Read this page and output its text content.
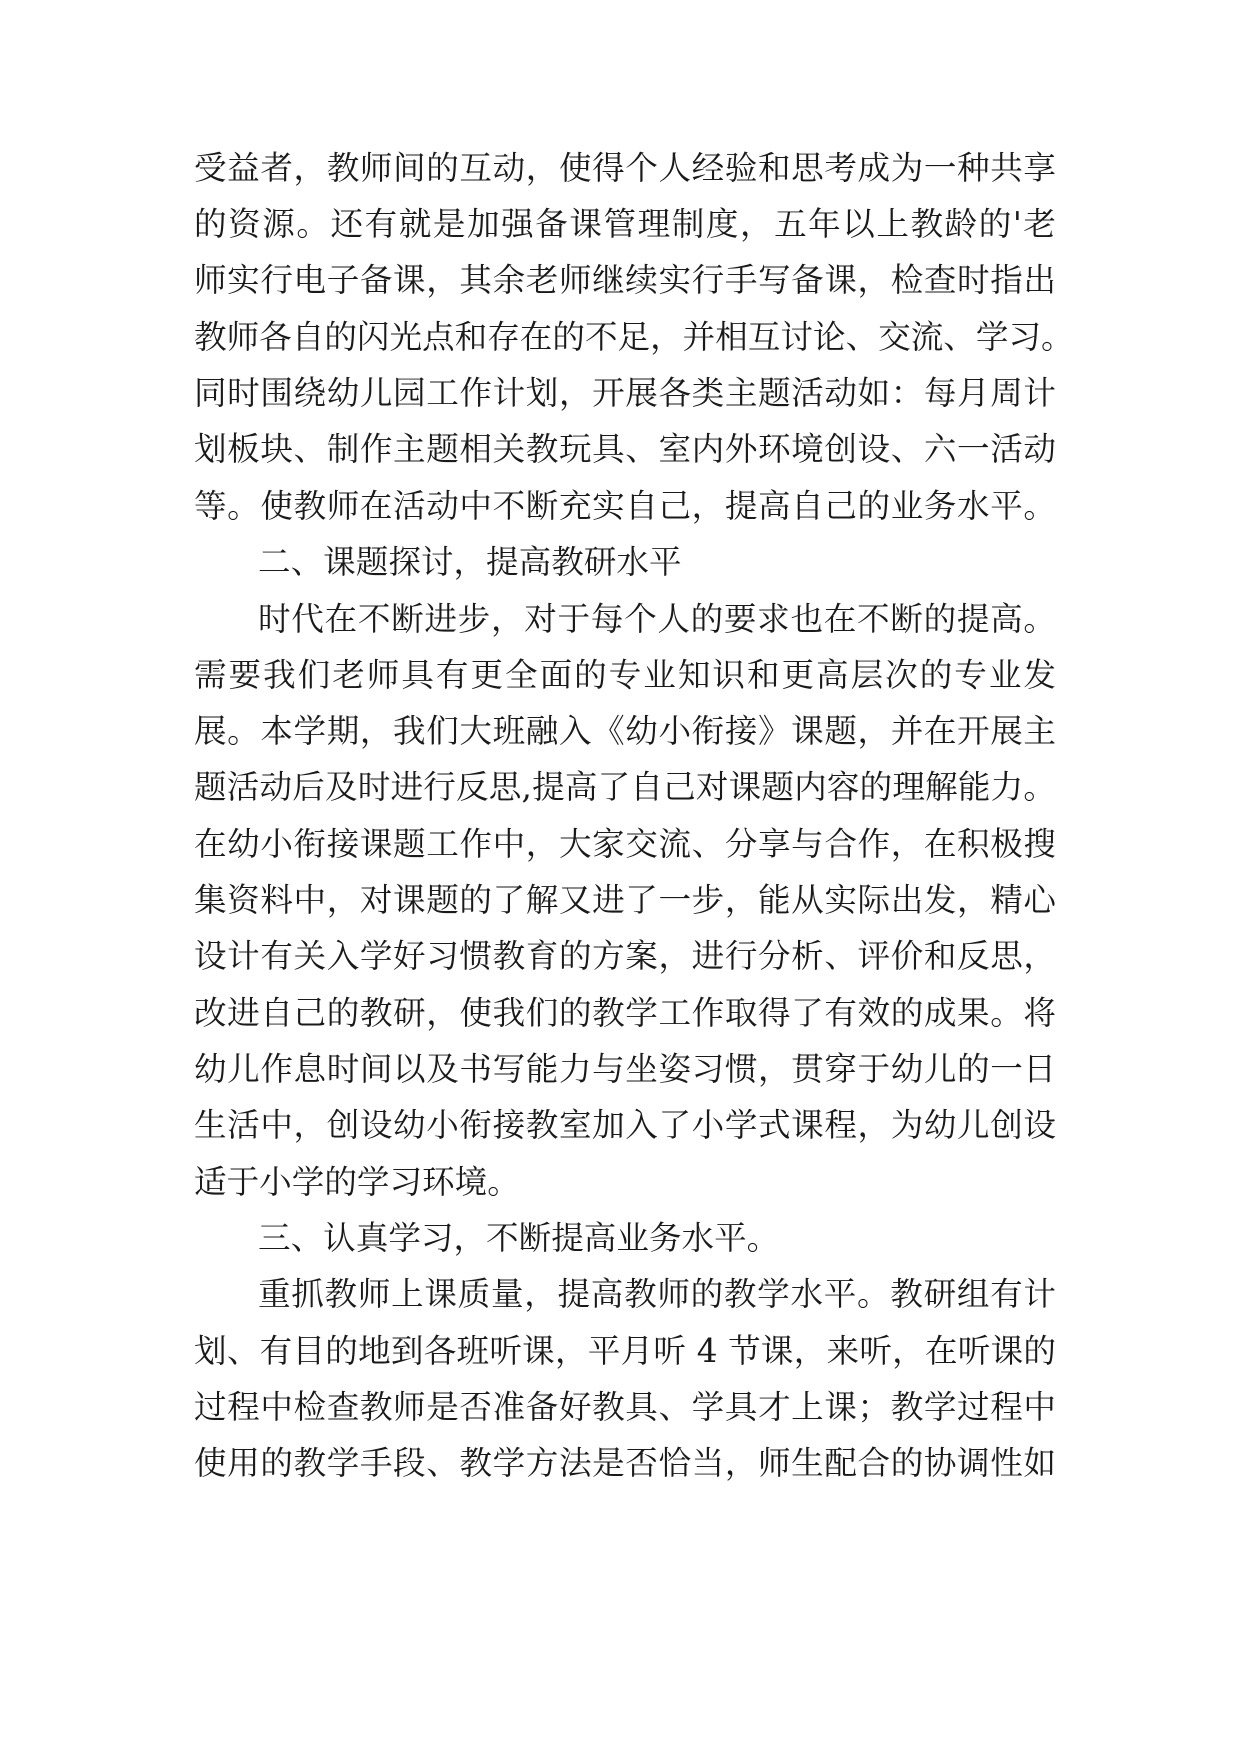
受益者，教师间的互动，使得个人经验和思考成为一种共享

的资源。还有就是加强备课管理制度，五年以上教龄的'老

师实行电子备课，其余老师继续实行手写备课，检查时指出

教师各自的闪光点和存在的不足，并相互讨论、交流、学习。

同时围绕幼儿园工作计划，开展各类主题活动如：每月周计

划板块、制作主题相关教玩具、室内外环境创设、六一活动

等。使教师在活动中不断充实自己，提高自己的业务水平。

二、课题探讨，提高教研水平

时代在不断进步，对于每个人的要求也在不断的提高。

需要我们老师具有更全面的专业知识和更高层次的专业发

展。本学期，我们大班融入《幼小衔接》课题，并在开展主

题活动后及时进行反思,提高了自己对课题内容的理解能力。

在幼小衔接课题工作中，大家交流、分享与合作，在积极搜

集资料中，对课题的了解又进了一步，能从实际出发，精心

设计有关入学好习惯教育的方案，进行分析、评价和反思，

改进自己的教研，使我们的教学工作取得了有效的成果。将

幼儿作息时间以及书写能力与坐姿习惯，贯穿于幼儿的一日

生活中，创设幼小衔接教室加入了小学式课程，为幼儿创设

适于小学的学习环境。

三、认真学习，不断提高业务水平。

重抓教师上课质量，提高教师的教学水平。教研组有计

划、有目的地到各班听课，平月听 4 节课，来听，在听课的

过程中检查教师是否准备好教具、学具才上课；教学过程中

使用的教学手段、教学方法是否恰当，师生配合的协调性如
